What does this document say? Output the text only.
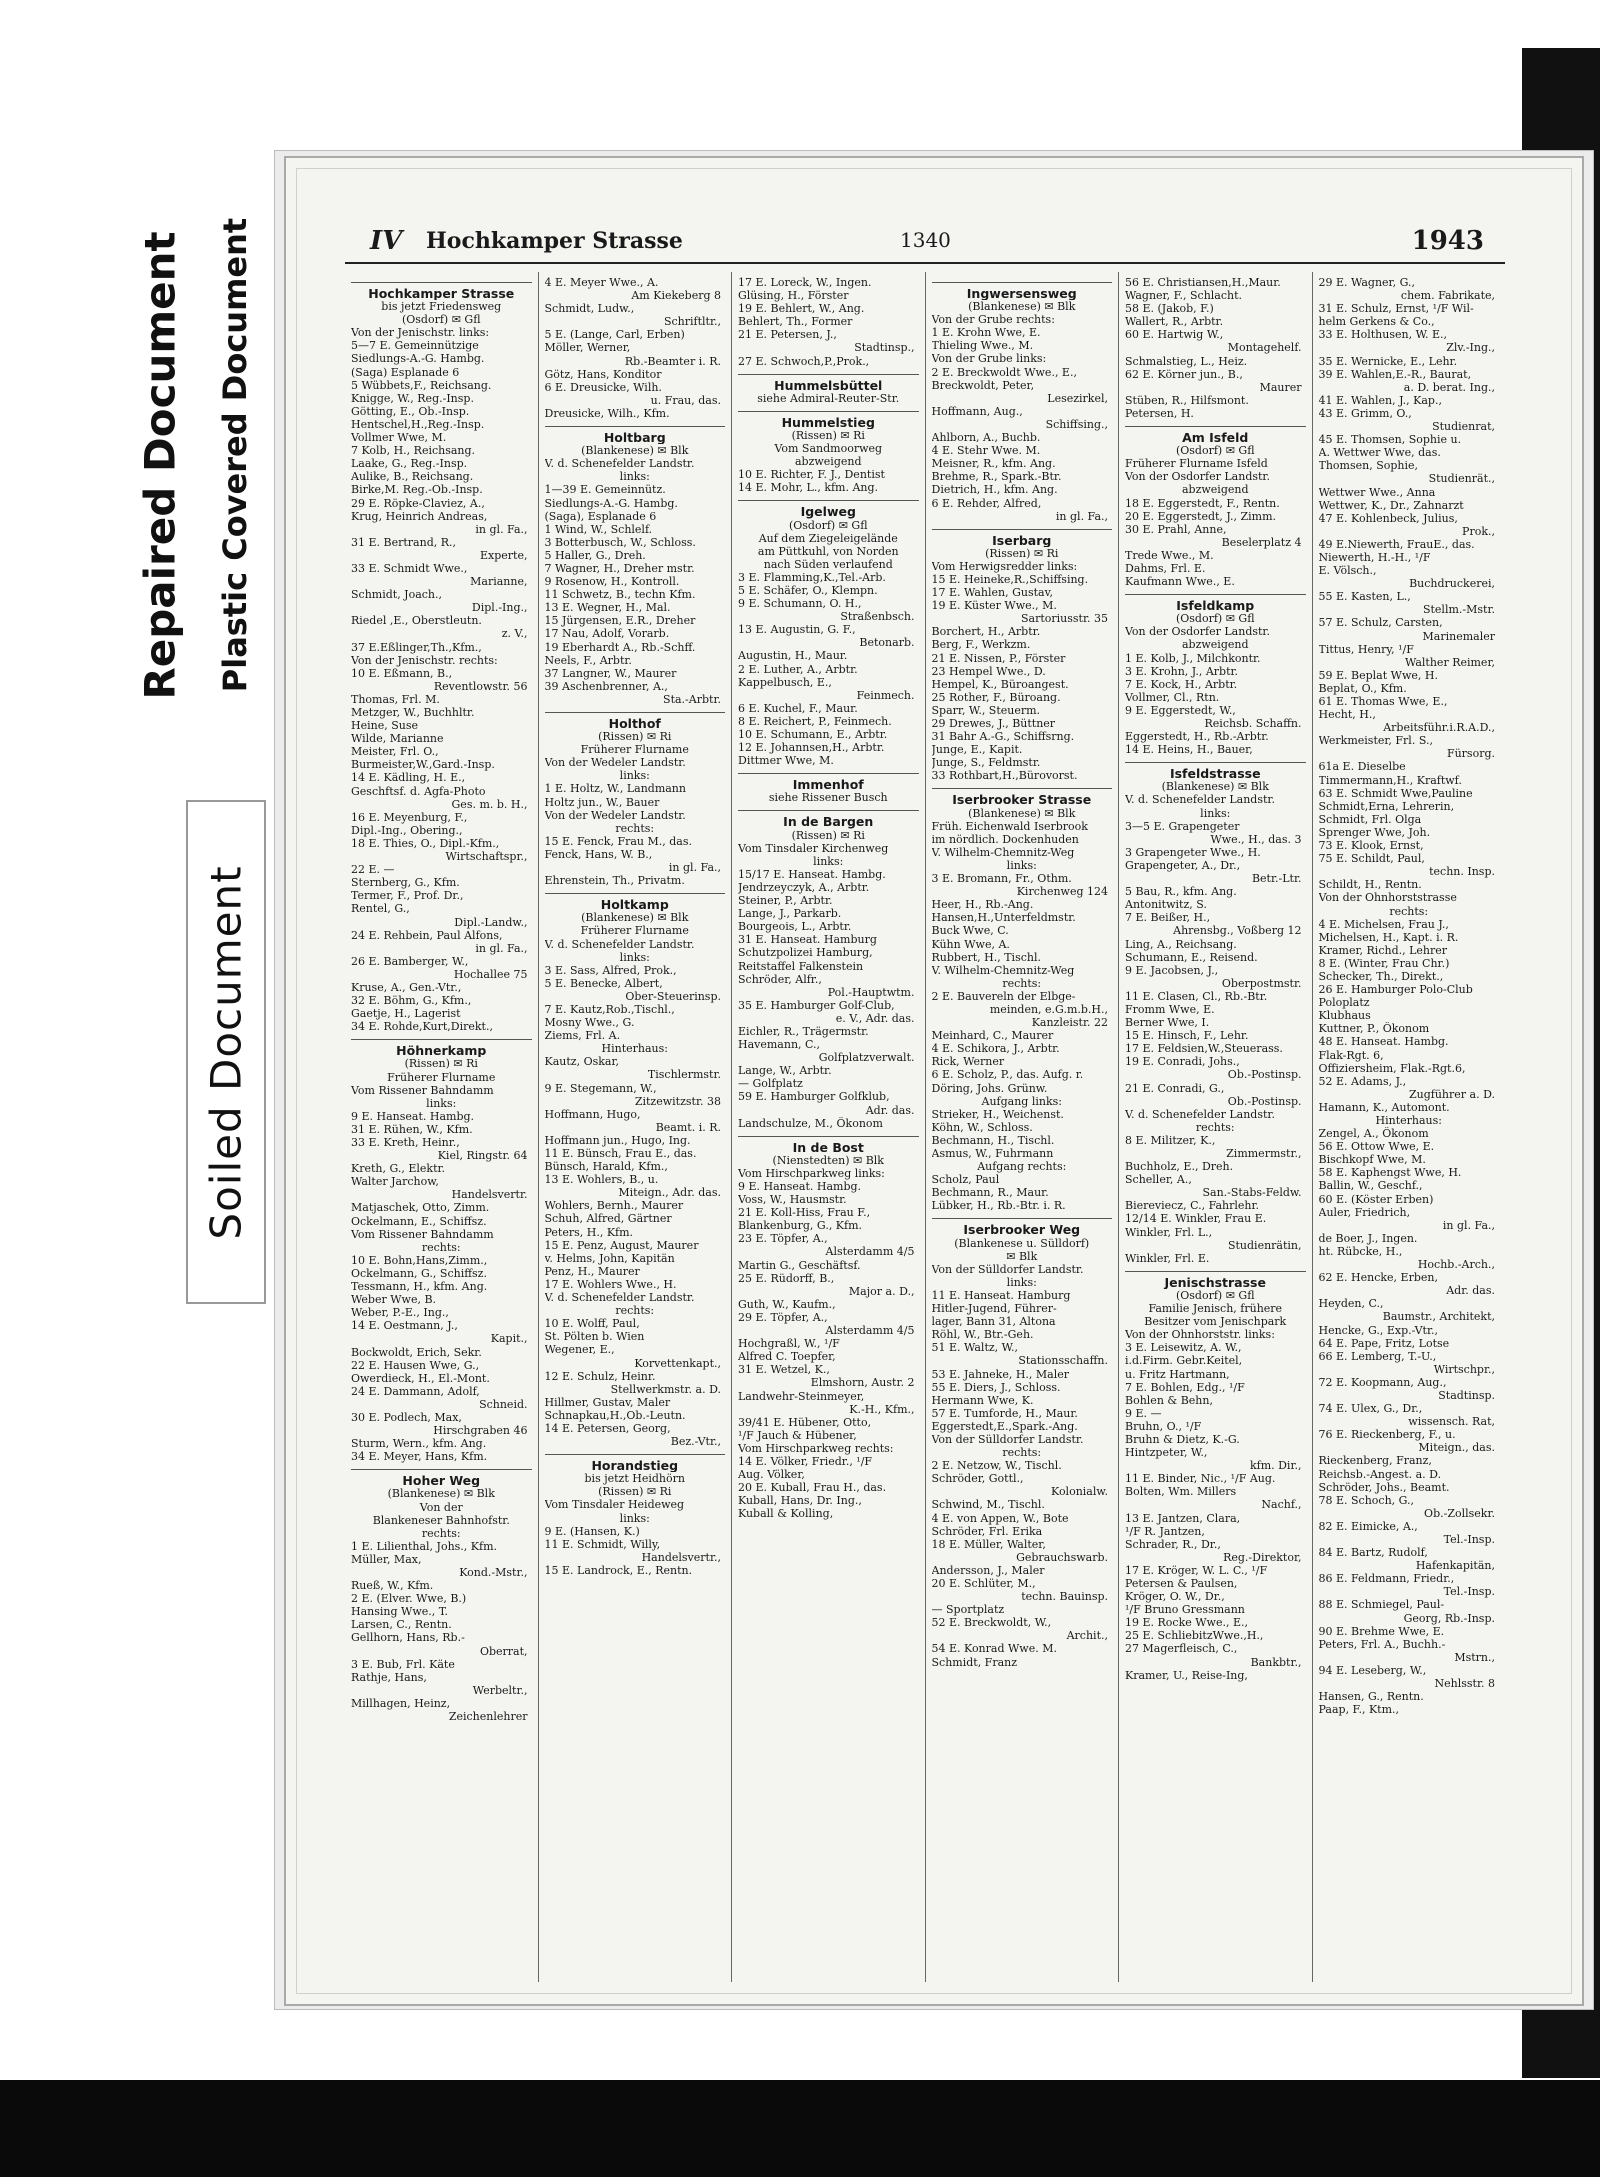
Repaired Document Plastic Covered Document
Soiled Document
IV Hochkamper Strasse	1340	1943
Hochkamper Strasse
bis jetzt Friedensweg
(Osdorf) ✉ Gfl
Von der Jenischstr. links:
5—7 E. Gemeinnützige
Siedlungs-A.-G. Hambg.
(Saga) Esplanade 6
5 Wübbets,F., Reichsang.
Knigge, W., Reg.-Insp.
Götting, E., Ob.-Insp.
Hentschel,H.,Reg.-Insp.
Vollmer Wwe, M.
7 Kolb, H., Reichsang.
Laake, G., Reg.-Insp.
Aulike, B., Reichsang.
Birke,M. Reg.-Ob.-Insp.
29 E. Röpke-Claviez, A.,
Krug, Heinrich Andreas,
in gl. Fa.,
31 E. Bertrand, R.,
Experte,
33 E. Schmidt Wwe.,
Marianne,
Schmidt, Joach.,
Dipl.-Ing.,
Riedel ,E., Oberstleutn.
z. V.,
37 E.Eßlinger,Th.,Kfm.,
Von der Jenischstr. rechts:
10 E. Eßmann, B.,
Reventlowstr. 56
Thomas, Frl. M.
Metzger, W., Buchhltr.
Heine, Suse
Wilde, Marianne
Meister, Frl. O.,
Burmeister,W.,Gard.-Insp.
14 E. Kädling, H. E.,
Geschftsf. d. Agfa-Photo
Ges. m. b. H.,
16 E. Meyenburg, F.,
Dipl.-Ing., Obering.,
18 E. Thies, O., Dipl.-Kfm.,
Wirtschaftspr.,
22 E. —
Sternberg, G., Kfm.
Termer, F., Prof. Dr.,
Rentel, G.,
Dipl.-Landw.,
24 E. Rehbein, Paul Alfons,
in gl. Fa.,
26 E. Bamberger, W.,
Hochallee 75
Kruse, A., Gen.-Vtr.,
32 E. Böhm, G., Kfm.,
Gaetje, H., Lagerist
34 E. Rohde,Kurt,Direkt.,
Höhnerkamp
(Rissen) ✉ Ri
Früherer Flurname
Vom Rissener Bahndamm
links:
9 E. Hanseat. Hambg.
31 E. Rühen, W., Kfm.
33 E. Kreth, Heinr.,
Kiel, Ringstr. 64
Kreth, G., Elektr.
Walter Jarchow,
Handelsvertr.
Matjaschek, Otto, Zimm.
Ockelmann, E., Schiffsz.
Vom Rissener Bahndamm
rechts:
10 E. Bohn,Hans,Zimm.,
Ockelmann, G., Schiffsz.
Tessmann, H., kfm. Ang.
Weber Wwe, B.
Weber, P.-E., Ing.,
14 E. Oestmann, J.,
Kapit.,
Bockwoldt, Erich, Sekr.
22 E. Hausen Wwe, G.,
Owerdieck, H., El.-Mont.
24 E. Dammann, Adolf,
Schneid.
30 E. Podlech, Max,
Hirschgraben 46
Sturm, Wern., kfm. Ang.
34 E. Meyer, Hans, Kfm.
Hoher Weg
(Blankenese) ✉ Blk
Von der
Blankeneser Bahnhofstr.
rechts:
1 E. Lilienthal, Johs., Kfm.
Müller, Max,
Kond.-Mstr.,
Rueß, W., Kfm.
2 E. (Elver. Wwe, B.)
Hansing Wwe., T.
Larsen, C., Rentn.
Gellhorn, Hans, Rb.-
Oberrat,
3 E. Bub, Frl. Käte
Rathje, Hans,
Werbeltr.,
Millhagen, Heinz,
Zeichenlehrer
4 E. Meyer Wwe., A.
Am Kiekeberg 8
Schmidt, Ludw.,
Schriftltr.,
5 E. (Lange, Carl, Erben)
Möller, Werner,
Rb.-Beamter i. R.
Götz, Hans, Konditor
6 E. Dreusicke, Wilh.
u. Frau, das.
Dreusicke, Wilh., Kfm.
Holtbarg
(Blankenese) ✉ Blk
V. d. Schenefelder Landstr.
links:
1—39 E. Gemeinnütz.
Siedlungs-A.-G. Hambg.
(Saga), Esplanade 6
1 Wind, W., Schlelf.
3 Botterbusch, W., Schloss.
5 Haller, G., Dreh.
7 Wagner, H., Dreher mstr.
9 Rosenow, H., Kontroll.
11 Schwetz, B., techn Kfm.
13 E. Wegner, H., Mal.
15 Jürgensen, E.R., Dreher
17 Nau, Adolf, Vorarb.
19 Eberhardt A., Rb.-Schff.
Neels, F., Arbtr.
37 Langner, W., Maurer
39 Aschenbrenner, A.,
Sta.-Arbtr.
Holthof
(Rissen) ✉ Ri
Früherer Flurname
Von der Wedeler Landstr.
links:
1 E. Holtz, W., Landmann
Holtz jun., W., Bauer
Von der Wedeler Landstr.
rechts:
15 E. Fenck, Frau M., das.
Fenck, Hans, W. B.,
in gl. Fa.,
Ehrenstein, Th., Privatm.
Holtkamp
(Blankenese) ✉ Blk
Früherer Flurname
V. d. Schenefelder Landstr.
links:
3 E. Sass, Alfred, Prok.,
5 E. Benecke, Albert,
Ober-Steuerinsp.
7 E. Kautz,Rob.,Tischl.,
Mosny Wwe., G.
Ziems, Frl. A.
Hinterhaus:
Kautz, Oskar,
Tischlermstr.
9 E. Stegemann, W.,
Zitzewitzstr. 38
Hoffmann, Hugo,
Beamt. i. R.
Hoffmann jun., Hugo, Ing.
11 E. Bünsch, Frau E., das.
Bünsch, Harald, Kfm.,
13 E. Wohlers, B., u.
Miteign., Adr. das.
Wohlers, Bernh., Maurer
Schuh, Alfred, Gärtner
Peters, H., Kfm.
15 E. Penz, August, Maurer
v. Helms, John, Kapitän
Penz, H., Maurer
17 E. Wohlers Wwe., H.
V. d. Schenefelder Landstr.
rechts:
10 E. Wolff, Paul,
St. Pölten b. Wien
Wegener, E.,
Korvettenkapt.,
12 E. Schulz, Heinr.
Stellwerkmstr. a. D.
Hillmer, Gustav, Maler
Schnapkau,H.,Ob.-Leutn.
14 E. Petersen, Georg,
Bez.-Vtr.,
Horandstieg
bis jetzt Heidhörn
(Rissen) ✉ Ri
Vom Tinsdaler Heideweg
links:
9 E. (Hansen, K.)
11 E. Schmidt, Willy,
Handelsvertr.,
15 E. Landrock, E., Rentn.
17 E. Loreck, W., Ingen.
Glüsing, H., Förster
19 E. Behlert, W., Ang.
Behlert, Th., Former
21 E. Petersen, J.,
Stadtinsp.,
27 E. Schwoch,P.,Prok.,
Hummelsbüttel
siehe Admiral-Reuter-Str.
Hummelstieg
(Rissen) ✉ Ri
Vom Sandmoorweg
abzweigend
10 E. Richter, F. J., Dentist
14 E. Mohr, L., kfm. Ang.
Igelweg
(Osdorf) ✉ Gfl
Auf dem Ziegeleigelände
am Püttkuhl, von Norden
nach Süden verlaufend
3 E. Flamming,K.,Tel.-Arb.
5 E. Schäfer, O., Klempn.
9 E. Schumann, O. H.,
Straßenbsch.
13 E. Augustin, G. F.,
Betonarb.
Augustin, H., Maur.
2 E. Luther, A., Arbtr.
Kappelbusch, E.,
Feinmech.
6 E. Kuchel, F., Maur.
8 E. Reichert, P., Feinmech.
10 E. Schumann, E., Arbtr.
12 E. Johannsen,H., Arbtr.
Dittmer Wwe, M.
Immenhof
siehe Rissener Busch
In de Bargen
(Rissen) ✉ Ri
Vom Tinsdaler Kirchenweg
links:
15/17 E. Hanseat. Hambg.
Jendrzeyczyk, A., Arbtr.
Steiner, P., Arbtr.
Lange, J., Parkarb.
Bourgeois, L., Arbtr.
31 E. Hanseat. Hamburg
Schutzpolizei Hamburg,
Reitstaffel Falkenstein
Schröder, Alfr.,
Pol.-Hauptwtm.
35 E. Hamburger Golf-Club,
e. V., Adr. das.
Eichler, R., Trägermstr.
Havemann, C.,
Golfplatzverwalt.
Lange, W., Arbtr.
— Golfplatz
59 E. Hamburger Golfklub,
Adr. das.
Landschulze, M., Ökonom
In de Bost
(Nienstedten) ✉ Blk
Vom Hirschparkweg links:
9 E. Hanseat. Hambg.
Voss, W., Hausmstr.
21 E. Koll-Hiss, Frau F.,
Blankenburg, G., Kfm.
23 E. Töpfer, A.,
Alsterdamm 4/5
Martin G., Geschäftsf.
25 E. Rüdorff, B.,
Major a. D.,
Guth, W., Kaufm.,
29 E. Töpfer, A.,
Alsterdamm 4/5
Hochgraßl, W., ¹/F
Alfred C. Toepfer,
31 E. Wetzel, K.,
Elmshorn, Austr. 2
Landwehr-Steinmeyer,
K.-H., Kfm.,
39/41 E. Hübener, Otto,
¹/F Jauch & Hübener,
Vom Hirschparkweg rechts:
14 E. Völker, Friedr., ¹/F
Aug. Völker,
20 E. Kuball, Frau H., das.
Kuball, Hans, Dr. Ing.,
Kuball & Kolling,
Ingwersensweg
(Blankenese) ✉ Blk
Von der Grube rechts:
1 E. Krohn Wwe, E.
Thieling Wwe., M.
Von der Grube links:
2 E. Breckwoldt Wwe., E.,
Breckwoldt, Peter,
Lesezirkel,
Hoffmann, Aug.,
Schiffsing.,
Ahlborn, A., Buchb.
4 E. Stehr Wwe. M.
Meisner, R., kfm. Ang.
Brehme, R., Spark.-Btr.
Dietrich, H., kfm. Ang.
6 E. Rehder, Alfred,
in gl. Fa.,
Iserbarg
(Rissen) ✉ Ri
Vom Herwigsredder links:
15 E. Heineke,R.,Schiffsing.
17 E. Wahlen, Gustav,
19 E. Küster Wwe., M.
Sartoriusstr. 35
Borchert, H., Arbtr.
Berg, F., Werkzm.
21 E. Nissen, P., Förster
23 Hempel Wwe., D.
Hempel, K., Büroangest.
25 Rother, F., Büroang.
Sparr, W., Steuerm.
29 Drewes, J., Büttner
31 Bahr A.-G., Schiffsrng.
Junge, E., Kapit.
Junge, S., Feldmstr.
33 Rothbart,H.,Bürovorst.
Iserbrooker Strasse
(Blankenese) ✉ Blk
Früh. Eichenwald Iserbrook
im nördlich. Dockenhuden
V. Wilhelm-Chemnitz-Weg
links:
3 E. Bromann, Fr., Othm.
Kirchenweg 124
Heer, H., Rb.-Ang.
Hansen,H.,Unterfeldmstr.
Buck Wwe, C.
Kühn Wwe, A.
Rubbert, H., Tischl.
V. Wilhelm-Chemnitz-Weg
rechts:
2 E. Bauvereln der Elbge-
meinden, e.G.m.b.H.,
Kanzleistr. 22
Meinhard, C., Maurer
4 E. Schikora, J., Arbtr.
Rick, Werner
6 E. Scholz, P., das. Aufg. r.
Döring, Johs. Grünw.
Aufgang links:
Strieker, H., Weichenst.
Köhn, W., Schloss.
Bechmann, H., Tischl.
Asmus, W., Fuhrmann
Aufgang rechts:
Scholz, Paul
Bechmann, R., Maur.
Lübker, H., Rb.-Btr. i. R.
Iserbrooker Weg
(Blankenese u. Sülldorf)
✉ Blk
Von der Sülldorfer Landstr.
links:
11 E. Hanseat. Hamburg
Hitler-Jugend, Führer-
lager, Bann 31, Altona
Röhl, W., Btr.-Geh.
51 E. Waltz, W.,
Stationsschaffn.
53 E. Jahneke, H., Maler
55 E. Diers, J., Schloss.
Hermann Wwe, K.
57 E. Tumforde, H., Maur.
Eggerstedt,E.,Spark.-Ang.
Von der Sülldorfer Landstr.
rechts:
2 E. Netzow, W., Tischl.
Schröder, Gottl.,
Kolonialw.
Schwind, M., Tischl.
4 E. von Appen, W., Bote
Schröder, Frl. Erika
18 E. Müller, Walter,
Gebrauchswarb.
Andersson, J., Maler
20 E. Schlüter, M.,
techn. Bauinsp.
— Sportplatz
52 E. Breckwoldt, W.,
Archit.,
54 E. Konrad Wwe. M.
Schmidt, Franz
56 E. Christiansen,H.,Maur.
Wagner, F., Schlacht.
58 E. (Jakob, F.)
Wallert, R., Arbtr.
60 E. Hartwig W.,
Montagehelf.
Schmalstieg, L., Heiz.
62 E. Körner jun., B.,
Maurer
Stüben, R., Hilfsmont.
Petersen, H.
Am Isfeld
(Osdorf) ✉ Gfl
Früherer Flurname Isfeld
Von der Osdorfer Landstr.
abzweigend
18 E. Eggerstedt, F., Rentn.
20 E. Eggerstedt, J., Zimm.
30 E. Prahl, Anne,
Beselerplatz 4
Trede Wwe., M.
Dahms, Frl. E.
Kaufmann Wwe., E.
Isfeldkamp
(Osdorf) ✉ Gfl
Von der Osdorfer Landstr.
abzweigend
1 E. Kolb, J., Milchkontr.
3 E. Krohn, J., Arbtr.
7 E. Kock, H., Arbtr.
Vollmer, Cl., Rtn.
9 E. Eggerstedt, W.,
Reichsb. Schaffn.
Eggerstedt, H., Rb.-Arbtr.
14 E. Heins, H., Bauer,
Isfeldstrasse
(Blankenese) ✉ Blk
V. d. Schenefelder Landstr.
links:
3—5 E. Grapengeter
Wwe., H., das. 3
3 Grapengeter Wwe., H.
Grapengeter, A., Dr.,
Betr.-Ltr.
5 Bau, R., kfm. Ang.
Antonitwitz, S.
7 E. Beißer, H.,
Ahrensbg., Voßberg 12
Ling, A., Reichsang.
Schumann, E., Reisend.
9 E. Jacobsen, J.,
Oberpostmstr.
11 E. Clasen, Cl., Rb.-Btr.
Fromm Wwe, E.
Berner Wwe, I.
15 E. Hinsch, F., Lehr.
17 E. Feldsien,W.,Steuerass.
19 E. Conradi, Johs.,
Ob.-Postinsp.
21 E. Conradi, G.,
Ob.-Postinsp.
V. d. Schenefelder Landstr.
rechts:
8 E. Militzer, K.,
Zimmermstr.,
Buchholz, E., Dreh.
Scheller, A.,
San.-Stabs-Feldw.
Biereviecz, C., Fahrlehr.
12/14 E. Winkler, Frau E.
Winkler, Frl. L.,
Studienrätin,
Winkler, Frl. E.
Jenischstrasse
(Osdorf) ✉ Gfl
Familie Jenisch, frühere
Besitzer vom Jenischpark
Von der Ohnhorststr. links:
3 E. Leisewitz, A. W.,
i.d.Firm. Gebr.Keitel,
u. Fritz Hartmann,
7 E. Bohlen, Edg., ¹/F
Bohlen & Behn,
9 E. —
Bruhn, O., ¹/F
Bruhn & Dietz, K.-G.
Hintzpeter, W.,
kfm. Dir.,
11 E. Binder, Nic., ¹/F Aug.
Bolten, Wm. Millers
Nachf.,
13 E. Jantzen, Clara,
¹/F R. Jantzen,
Schrader, R., Dr.,
Reg.-Direktor,
17 E. Kröger, W. L. C., ¹/F
Petersen & Paulsen,
Kröger, O. W., Dr.,
¹/F Bruno Gressmann
19 E. Rocke Wwe., E.,
25 E. SchliebitzWwe.,H.,
27 Magerfleisch, C.,
Bankbtr.,
Kramer, U., Reise-Ing,
29 E. Wagner, G.,
chem. Fabrikate,
31 E. Schulz, Ernst, ¹/F Wil-
helm Gerkens & Co.,
33 E. Holthusen, W. E.,
Zlv.-Ing.,
35 E. Wernicke, E., Lehr.
39 E. Wahlen,E.-R., Baurat,
a. D. berat. Ing.,
41 E. Wahlen, J., Kap.,
43 E. Grimm, O.,
Studienrat,
45 E. Thomsen, Sophie u.
A. Wettwer Wwe, das.
Thomsen, Sophie,
Studienrät.,
Wettwer Wwe., Anna
Wettwer, K., Dr., Zahnarzt
47 E. Kohlenbeck, Julius,
Prok.,
49 E.Niewerth, FrauE., das.
Niewerth, H.-H., ¹/F
E. Völsch.,
Buchdruckerei,
55 E. Kasten, L.,
Stellm.-Mstr.
57 E. Schulz, Carsten,
Marinemaler
Tittus, Henry, ¹/F
Walther Reimer,
59 E. Beplat Wwe, H.
Beplat, O., Kfm.
61 E. Thomas Wwe, E.,
Hecht, H.,
Arbeitsführ.i.R.A.D.,
Werkmeister, Frl. S.,
Fürsorg.
61a E. Dieselbe
Timmermann,H., Kraftwf.
63 E. Schmidt Wwe,Pauline
Schmidt,Erna, Lehrerin,
Schmidt, Frl. Olga
Sprenger Wwe, Joh.
73 E. Klook, Ernst,
75 E. Schildt, Paul,
techn. Insp.
Schildt, H., Rentn.
Von der Ohnhorststrasse
rechts:
4 E. Michelsen, Frau J.,
Michelsen, H., Kapt. i. R.
Kramer, Richd., Lehrer
8 E. (Winter, Frau Chr.)
Schecker, Th., Direkt.,
26 E. Hamburger Polo-Club
Poloplatz
Klubhaus
Kuttner, P., Ökonom
48 E. Hanseat. Hambg.
Flak-Rgt. 6,
Offiziersheim, Flak.-Rgt.6,
52 E. Adams, J.,
Zugführer a. D.
Hamann, K., Automont.
Hinterhaus:
Zengel, A., Ökonom
56 E. Ottow Wwe, E.
Bischkopf Wwe, M.
58 E. Kaphengst Wwe, H.
Ballin, W., Geschf.,
60 E. (Köster Erben)
Auler, Friedrich,
in gl. Fa.,
de Boer, J., Ingen.
ht. Rübcke, H.,
Hochb.-Arch.,
62 E. Hencke, Erben,
Adr. das.
Heyden, C.,
Baumstr., Architekt,
Hencke, G., Exp.-Vtr.,
64 E. Pape, Fritz, Lotse
66 E. Lemberg, T.-U.,
Wirtschpr.,
72 E. Koopmann, Aug.,
Stadtinsp.
74 E. Ulex, G., Dr.,
wissensch. Rat,
76 E. Rieckenberg, F., u.
Miteign., das.
Rieckenberg, Franz,
Reichsb.-Angest. a. D.
Schröder, Johs., Beamt.
78 E. Schoch, G.,
Ob.-Zollsekr.
82 E. Eimicke, A.,
Tel.-Insp.
84 E. Bartz, Rudolf,
Hafenkapitän,
86 E. Feldmann, Friedr.,
Tel.-Insp.
88 E. Schmiegel, Paul-
Georg, Rb.-Insp.
90 E. Brehme Wwe, E.
Peters, Frl. A., Buchh.-
Mstrn.,
94 E. Leseberg, W.,
Nehlsstr. 8
Hansen, G., Rentn.
Paap, F., Ktm.,
